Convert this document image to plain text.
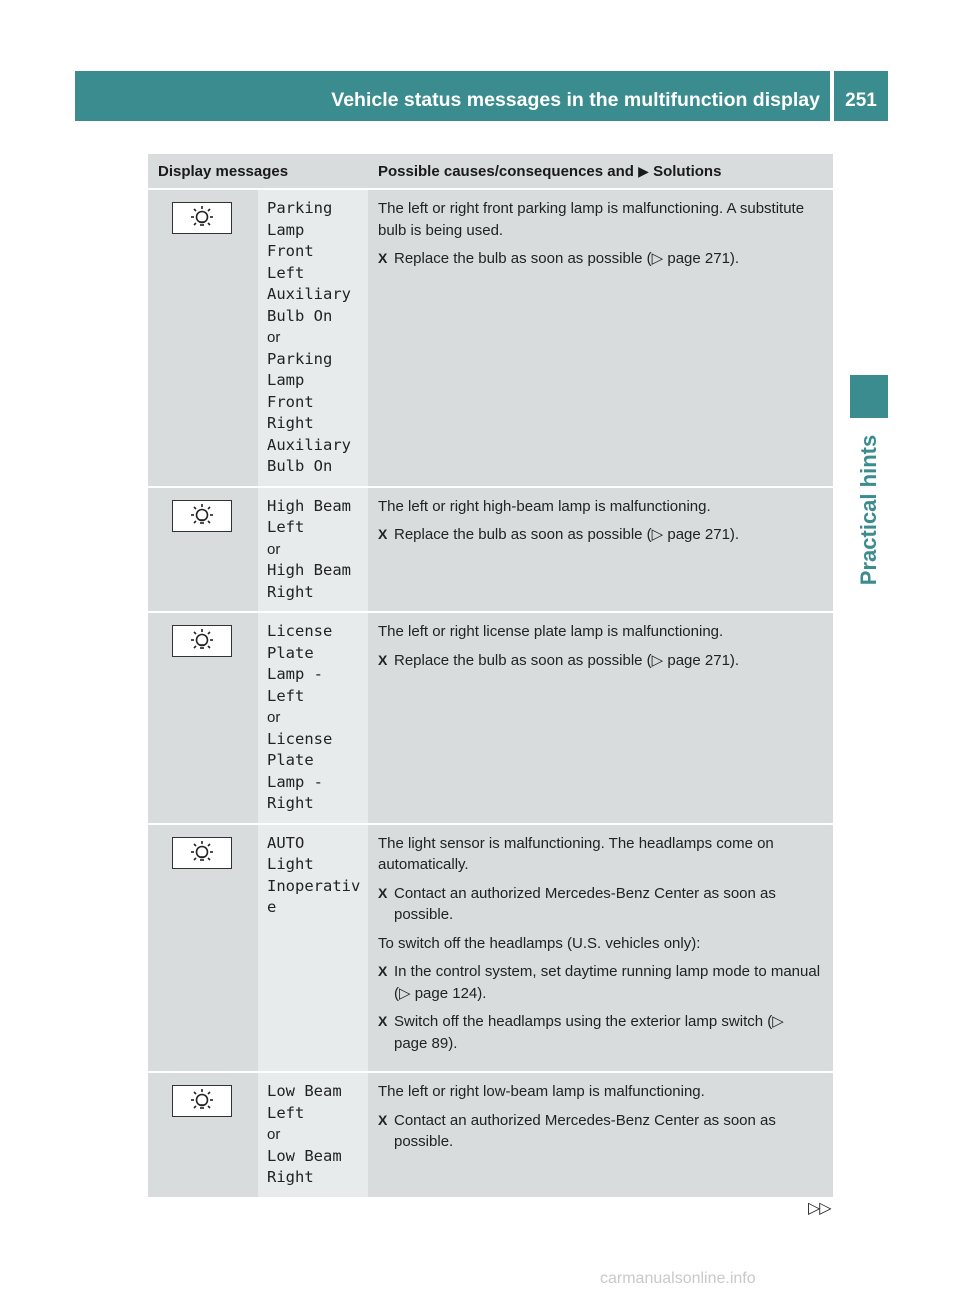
Vehicle status messages in the multifunction display	251
Practical hints
Display messages	Possible causes/consequences and ▶ Solutions
Parking
Lamp
Front
Left
Auxiliary
Bulb On
or
Parking
Lamp
Front
Right
Auxiliary
Bulb On
The left or right front parking lamp is malfunctioning. A substitute bulb is being used.
X Replace the bulb as soon as possible (▷ page 271).
High Beam
Left
or
High Beam
Right
The left or right high-beam lamp is malfunctioning.
X Replace the bulb as soon as possible (▷ page 271).
License
Plate
Lamp -
Left
or
License
Plate
Lamp -
Right
The left or right license plate lamp is malfunctioning.
X Replace the bulb as soon as possible (▷ page 271).
AUTO
Light
Inoperativ
e
The light sensor is malfunctioning. The headlamps come on automatically.
X Contact an authorized Mercedes-Benz Center as soon as possible.
To switch off the headlamps (U.S. vehicles only):
X In the control system, set daytime running lamp mode to manual (▷ page 124).
X Switch off the headlamps using the exterior lamp switch (▷ page 89).
Low Beam
Left
or
Low Beam
Right
The left or right low-beam lamp is malfunctioning.
X Contact an authorized Mercedes-Benz Center as soon as possible.
▷▷
carmanualsonline.info
